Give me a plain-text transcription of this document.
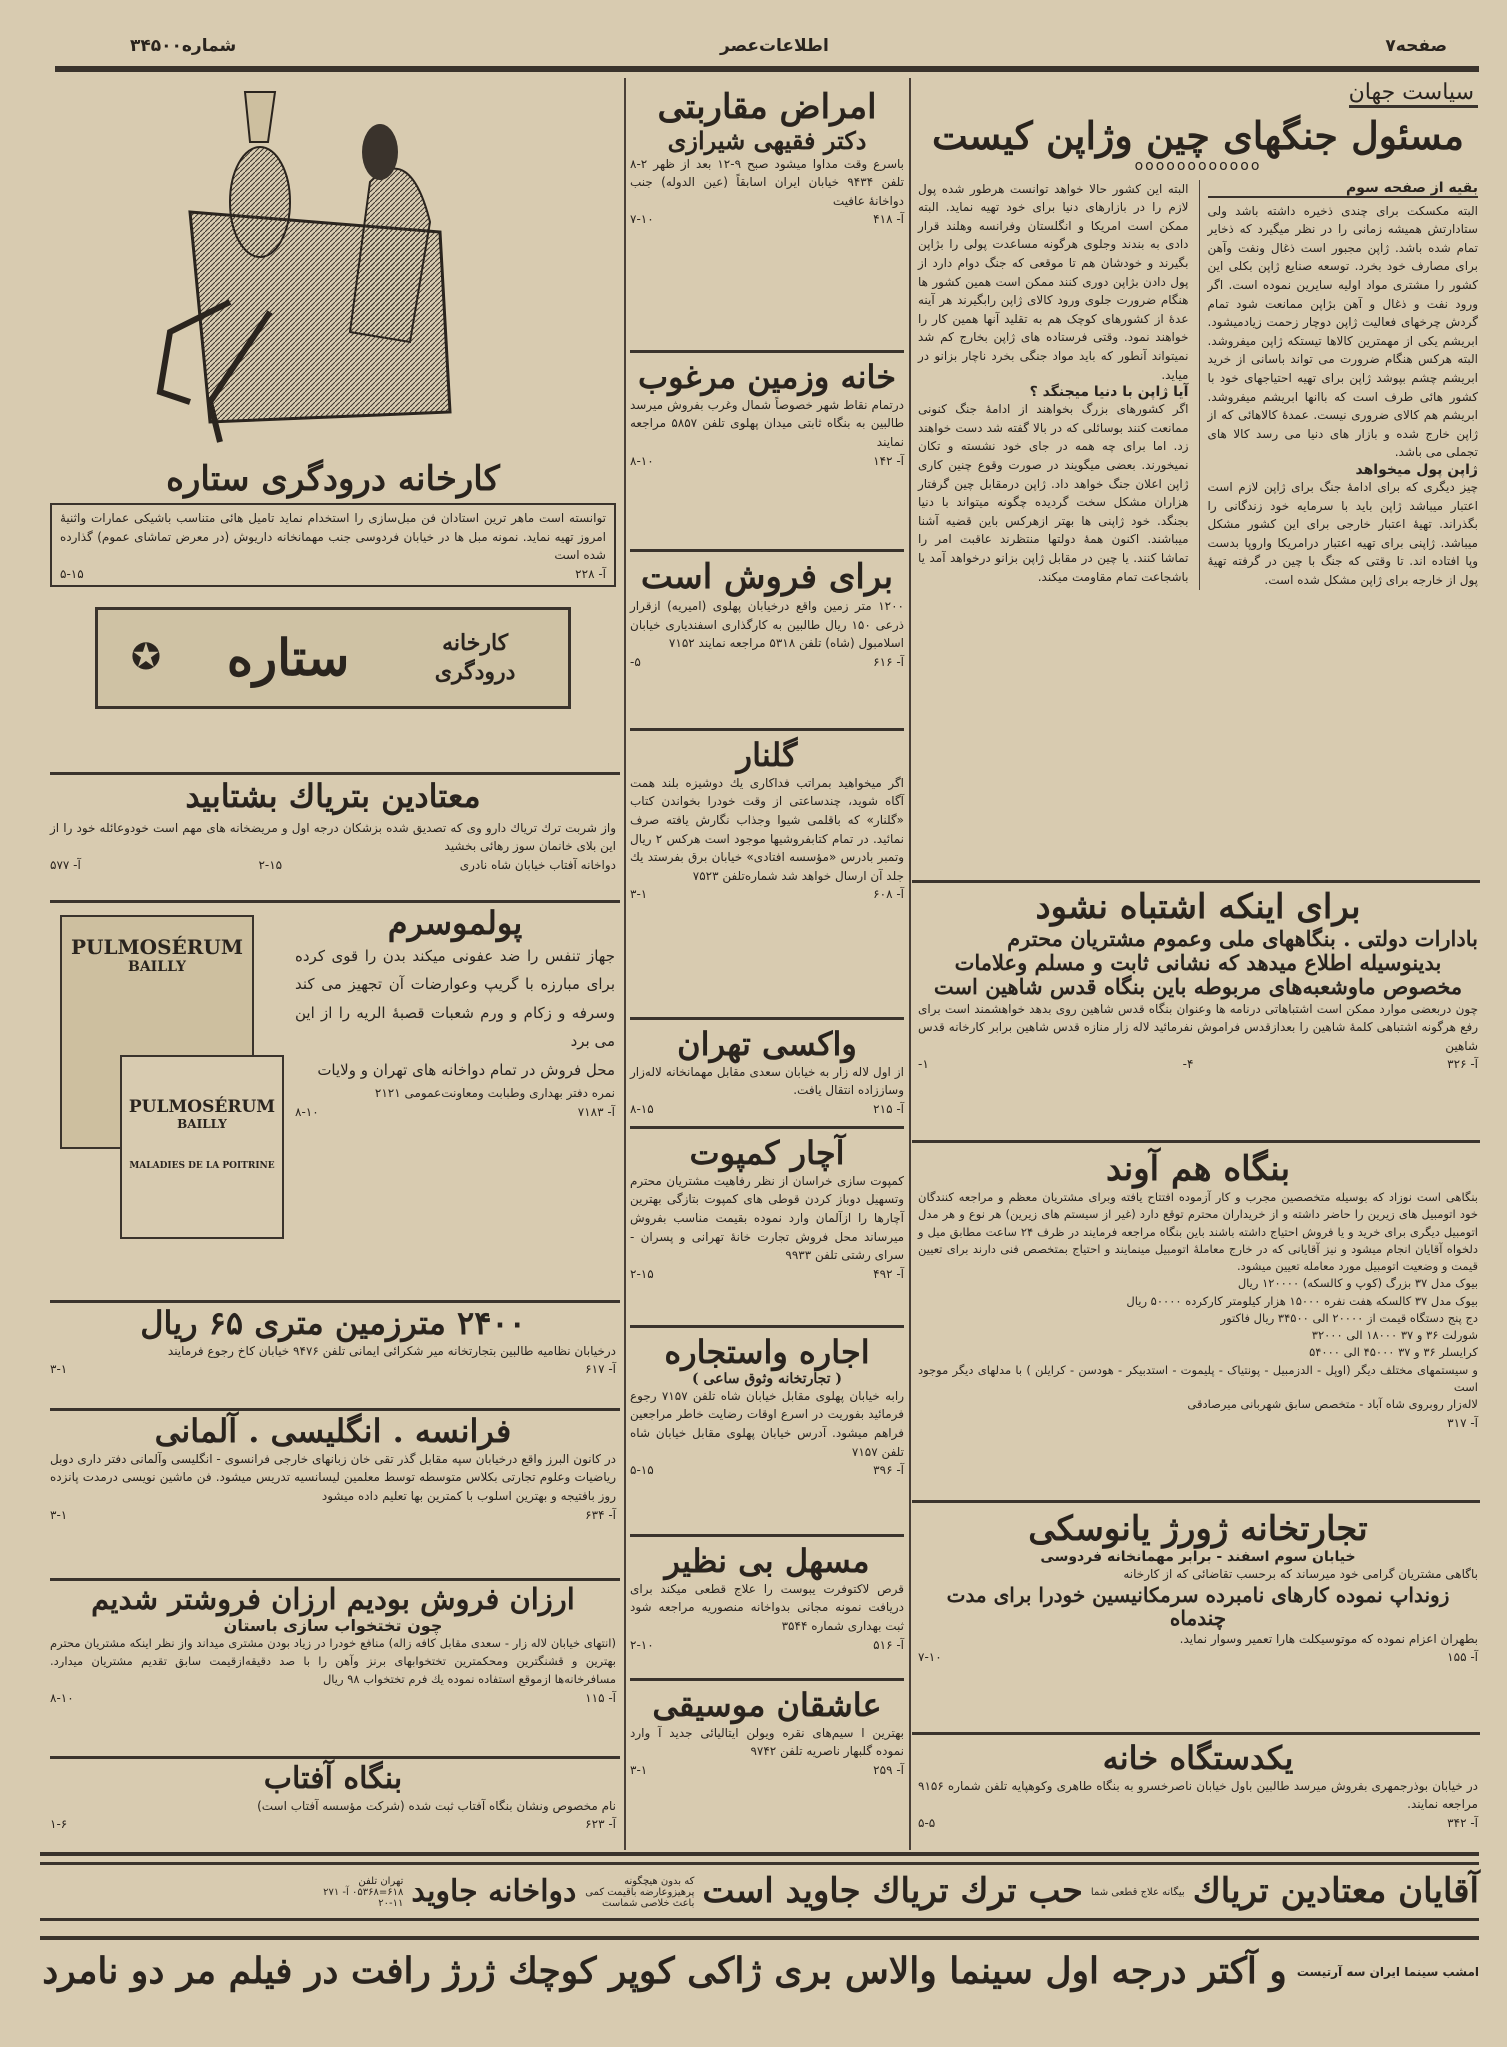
صفحه۷
اطلاعات‌عصر
شماره۳۴۵۰۰
سیاست جهان
مسئول جنگهای چین وژاپن کیست
oooooooooooo
بقیه از صفحه سوم
البته مکسکت برای چندی ذخیره داشته باشد ولی ستادارتش همیشه زمانی را در نظر میگیرد که ذخایر تمام شده باشد. ژاپن مجبور است ذغال ونفت وآهن برای مصارف خود بخرد. توسعه صنایع ژاپن بکلی این کشور را مشتری مواد اولیه سایرین نموده است. اگر ورود نفت و ذغال و آهن بژاپن ممانعت شود تمام گردش چرخهای فعالیت ژاپن دوچار زحمت زیادمیشود. ابریشم یکی از مهمترین کالاها تیستکه ژاپن میفروشد. البته هرکس هنگام ضرورت می تواند باسانی از خرید ابریشم چشم بپوشد ژاپن برای تهیه احتیاجهای خود با کشور هائی طرف است که باانها ابریشم میفروشد. ابریشم هم کالای ضروری نیست. عمدهٔ کالاهائی که از ژاپن خارج شده و بازار های دنیا می رسد کالا های تجملی می باشد.
ژاپن پول میخواهد
چیز دیگری که برای ادامهٔ جنگ برای ژاپن لازم است اعتبار میباشد ژاپن باید با سرمایه خود زندگانی را بگذراند. تهیهٔ اعتبار خارجی برای این کشور مشکل میباشد. ژاپنی برای تهیه اعتبار درامریکا واروپا بدست وپا افتاده اند. تا وقتی که جنگ با چین در گرفته تهیهٔ پول از خارجه برای ژاپن مشکل شده است.
البته این کشور حالا خواهد توانست هرطور شده پول لازم را در بازارهای دنیا برای خود تهیه نماید. البته ممکن است امریکا و انگلستان وفرانسه وهلند قرار دادی به بندند وجلوی هرگونه مساعدت پولی را بژاپن بگیرند و خودشان هم تا موقعی که جنگ دوام دارد از پول دادن بژاپن دوری کنند ممکن است همین کشور ها هنگام ضرورت جلوی ورود کالای ژاپن رابگیرند هر آینه عدهٔ از کشورهای کوچک هم به تقلید آنها همین کار را خواهند نمود. وقتی فرستاده های ژاپن بخارج کم شد نمیتواند آنطور که باید مواد جنگی بخرد ناچار بزانو در میاید.
آیا ژاپن با دنیا میجنگد ؟
اگر کشورهای بزرگ بخواهند از ادامهٔ جنگ کنونی ممانعت کنند بوسائلی که در بالا گفته شد دست خواهند زد. اما برای چه همه در جای خود نشسته و تکان نمیخورند. بعضی میگویند در صورت وقوع چنین کاری ژاپن اعلان جنگ خواهد داد. ژاپن درمقابل چین گرفتار هزاران مشکل سخت گردیده چگونه میتواند با دنیا بجنگد. خود ژاپنی ها بهتر ازهرکس باین قضیه آشنا میباشند. اکنون همهٔ دولتها منتظرند عاقبت امر را تماشا کنند. یا چین در مقابل ژاپن بزانو درخواهد آمد یا باشجاعت تمام مقاومت میکند.
برای اینکه اشتباه نشود
بادارات دولتی . بنگاههای ملی وعموم مشتریان محترم
بدینوسیله اطلاع میدهد که نشانی ثابت و مسلم وعلامات
مخصوص ماوشعبه‌های مربوطه باین بنگاه قدس شاهین است
چون دربعضی موارد ممکن است اشتباهاتی درنامه ها وعنوان بنگاه قدس شاهین روی بدهد خواهشمند است برای رفع هرگونه اشتباهی کلمهٔ شاهین را بعدازقدس فراموش نفرمائید لاله زار منازه قدس شاهین برابر کارخانه قدس شاهین
آ- ۳۲۶
۴-
۱-
بنگاه هم آوند
بنگاهی است نوزاد که بوسیله متخصصین مجرب و کار آزموده افتتاح یافته وبرای مشتریان معظم و مراجعه کنندگان خود اتومبیل های زیرین را حاضر داشته و از خریداران محترم توقع دارد (غیر از سیستم های زیرین) هر نوع و هر مدل اتومبیل دیگری برای خرید و یا فروش احتیاج داشته باشند باین بنگاه مراجعه فرمایند در ظرف ۲۴ ساعت مطابق میل و دلخواه آقایان انجام میشود و نیز آقایانی که در خارج معاملهٔ اتومبیل مینمایند و احتیاج بمتخصص فنی دارند برای تعیین قیمت و وضعیت اتومبیل مورد معامله تعیین میشود.
بیوک مدل ۳۷ بزرگ (کوپ و کالسکه) ۱۲۰۰۰۰ ریال
بیوک مدل ۳۷ کالسکه هفت نفره ۱۵۰۰۰ هزار کیلومتر کارکرده ۵۰۰۰۰ ریال
دج پنج دستگاه قیمت از ۲۰۰۰۰ الی ۳۴۵۰۰ ریال فاکتور
شورلت ۳۶ و ۳۷ ۱۸۰۰۰ الی ۳۲۰۰۰
کرایسلر ۳۶ و ۳۷ ۴۵۰۰۰ الی ۵۴۰۰۰
و سیستمهای مختلف دیگر (اوپل - الدزمبیل - پونتیاک - پلیموت - استدبیکر - هودسن - کرایلن ) با مدلهای دیگر موجود است
لاله‌زار روبروی شاه آباد - متخصص سابق شهربانی میرصادقی
آ- ۳۱۷
تجارتخانه ژورژ یانوسکی
خیابان سوم اسفند - برابر مهمانخانه فردوسی
باگاهی مشتریان گرامی خود میرساند که برحسب تقاضائی که از کارخانه
زونداپ نموده کارهای نامبرده سرمکانیسین خودرا برای مدت چندماه
بطهران اعزام نموده که موتوسیکلت هارا تعمیر وسوار نماید.
آ- ۱۵۵
۷-۱۰
یکدستگاه خانه
در خیابان بوذرجمهری بفروش میرسد طالبین باول خیابان ناصرخسرو به بنگاه طاهری وکوهپایه تلفن شماره ۹۱۵۶ مراجعه نمایند.
آ- ۳۴۲
۵-۵
امراض مقاربتی
دکتر فقیهی شیرازی
باسرع وقت مداوا میشود صبح ۹-۱۲ بعد از ظهر ۲-۸ تلفن ۹۴۳۴ خیابان ایران اسابقاً (عین الدوله) جنب دواخانهٔ عافیت
آ- ۴۱۸
۷-۱۰
خانه وزمین مرغوب
درتمام نقاط شهر خصوصاً شمال وغرب بفروش میرسد طالبین به بنگاه ثابتی میدان پهلوی تلفن ۵۸۵۷ مراجعه نمایند
آ- ۱۴۲
۸-۱۰
برای فروش است
۱۲۰۰ متر زمین واقع درخیابان پهلوی (امیریه) ازقرار ذرعی ۱۵۰ ریال طالبین به کارگذاری اسفندیاری خیابان اسلامبول (شاه) تلفن ۵۳۱۸ مراجعه نمایند ۷۱۵۲
آ- ۶۱۶
۵-
گلنار
اگر میخواهید بمراتب فداکاری یك دوشیزه بلند همت آگاه شوید، چندساعتی از وقت خودرا بخواندن کتاب «گلنار» که باقلمی شیوا وجذاب نگارش یافته صرف نمائید. در تمام کتابفروشیها موجود است هرکس ۲ ریال وتمبر بادرس «مؤسسه افتادی» خیابان برق بفرستد یك جلد آن ارسال خواهد شد شماره‌تلفن ۷۵۲۳
آ- ۶۰۸
۳-۱
واکسی تهران
از اول لاله زار به خیابان سعدی مقابل مهمانخانه لاله‌زار وساززاده انتقال یافت.
آ- ۲۱۵
۸-۱۵
آچار کمپوت
کمپوت سازی خراسان از نظر رفاهیت مشتریان محترم وتسهیل دوباز کردن قوطی های کمپوت بتازگی بهترین آچارها را ازآلمان وارد نموده بقیمت مناسب بفروش میرساند محل فروش تجارت خانهٔ تهرانی و پسران - سرای رشتی تلفن ۹۹۳۳
آ- ۴۹۲
۲-۱۵
اجاره واستجاره
( تجارتخانه وثوق ساعی )
رابه خیابان پهلوی مقابل خیابان شاه تلفن ۷۱۵۷ رجوع فرمائید بفوریت در اسرع اوقات رضایت خاطر مراجعین فراهم میشود. آدرس خیابان پهلوی مقابل خیابان شاه تلفن ۷۱۵۷
آ- ۳۹۶
۵-۱۵
مسهل بی نظیر
قرص لاکتوفرت یبوست را علاج قطعی میکند برای دریافت نمونه مجانی بدواخانه منصوریه مراجعه شود ثبت بهداری شماره ۳۵۴۴
آ- ۵۱۶
۲-۱۰
عاشقان موسیقی
بهترین ا سیم‌های نقره ویولن ایتالیائی جدید آ وارد نموده گلبهار ناصریه تلفن ۹۷۴۲
آ- ۲۵۹
۳-۱
کارخانه درودگری ستاره
توانسته است ماهر ترین استادان فن مبل‌سازی را استخدام نماید تاميل هائی متناسب باشیکی عمارات واثنیهٔ امروز تهیه نماید. نمونه مبل ها در خیابان فردوسی جنب مهمانخانه داریوش (در معرض تماشای عموم) گذارده شده است
آ- ۲۲۸
۵-۱۵
کارخانه درودگری
ستاره
✪
معتادین بتریاك بشتابید
واز شربت ترك تریاك دارو وی که تصدیق شده بزشکان درجه اول و مریضخانه های مهم است خودوعائله خود را از این بلای خانمان سوز رهائی بخشید
دواخانه آفتاب خیابان شاه نادری
۲-۱۵
آ- ۵۷۷
PULMOSÉRUM
BAILLY
PULMOSÉRUM
BAILLY
MALADIES DE LA POITRINE
پولموسرم
جهاز تنفس را ضد عفونی میکند بدن را قوی کرده برای مبارزه با گریپ وعوارضات آن تجهیز می کند وسرفه و زکام و ورم شعبات قصبهٔ الریه را از این می برد
محل فروش در تمام دواخانه های تهران و ولایات
نمره دفتر بهداری وطبابت ومعاونت‌عمومی ۲۱۲۱
آ- ۷۱۸۳
۸-۱۰
۲۴۰۰ مترزمین متری ۶۵ ریال
درخیابان نظامیه طالبین بتجارتخانه میر شکرائی ایمانی تلفن ۹۴۷۶ خیابان کاخ رجوع فرمایند
آ- ۶۱۷
۳-۱
فرانسه . انگلیسی . آلمانی
در کانون البرز واقع درخیابان سپه مقابل گذر تقی خان زبانهای خارجی فرانسوی - انگلیسی وآلمانی دفتر داری دوبل ریاضیات وعلوم تجارتی بکلاس متوسطه توسط معلمین لیسانسیه تدریس میشود. فن ماشین نویسی درمدت پانزده روز بافتیجه و بهترین اسلوب با کمترین بها تعلیم داده میشود
آ- ۶۳۴
۳-۱
ارزان فروش بودیم ارزان فروشتر شدیم
چون تختخواب سازی باستان
(انتهای خیابان لاله زار - سعدی مقابل کافه زاله) منافع خودرا در زیاد بودن مشتری میداند واز نظر اینکه مشتریان محترم بهترین و قشنگترین ومحکمترین تختخوابهای برنز وآهن را با صد دقیقه‌ازقیمت سابق تقدیم مشتریان میدارد. مسافرخانه‌ها ازموقع استفاده نموده یك فرم تختخواب ۹۸ ریال
آ- ۱۱۵
۸-۱۰
بنگاه آفتاب
نام مخصوص ونشان بنگاه آفتاب ثبت شده (شرکت مؤسسه آفتاب است)
آ- ۶۲۳
۱-۶
آقایان معتادین تریاك
بیگانه علاج قطعی شما
حب ترك تریاك جاوید است
که بدون هیچگونه پرهیزوعارضه باقیمت کمی باعث خلاصی شماست
دواخانه جاوید
تهران تلفن ۶۱۸=۰۵۳۶۸ آ- ۲۷۱ ۱۱-۲۰
امشب سینما ایران سه آرتیست
و آکتر درجه اول سینما والاس بری ژاکی کوپر کوچك ژرژ رافت در فیلم مر دو نامرد
